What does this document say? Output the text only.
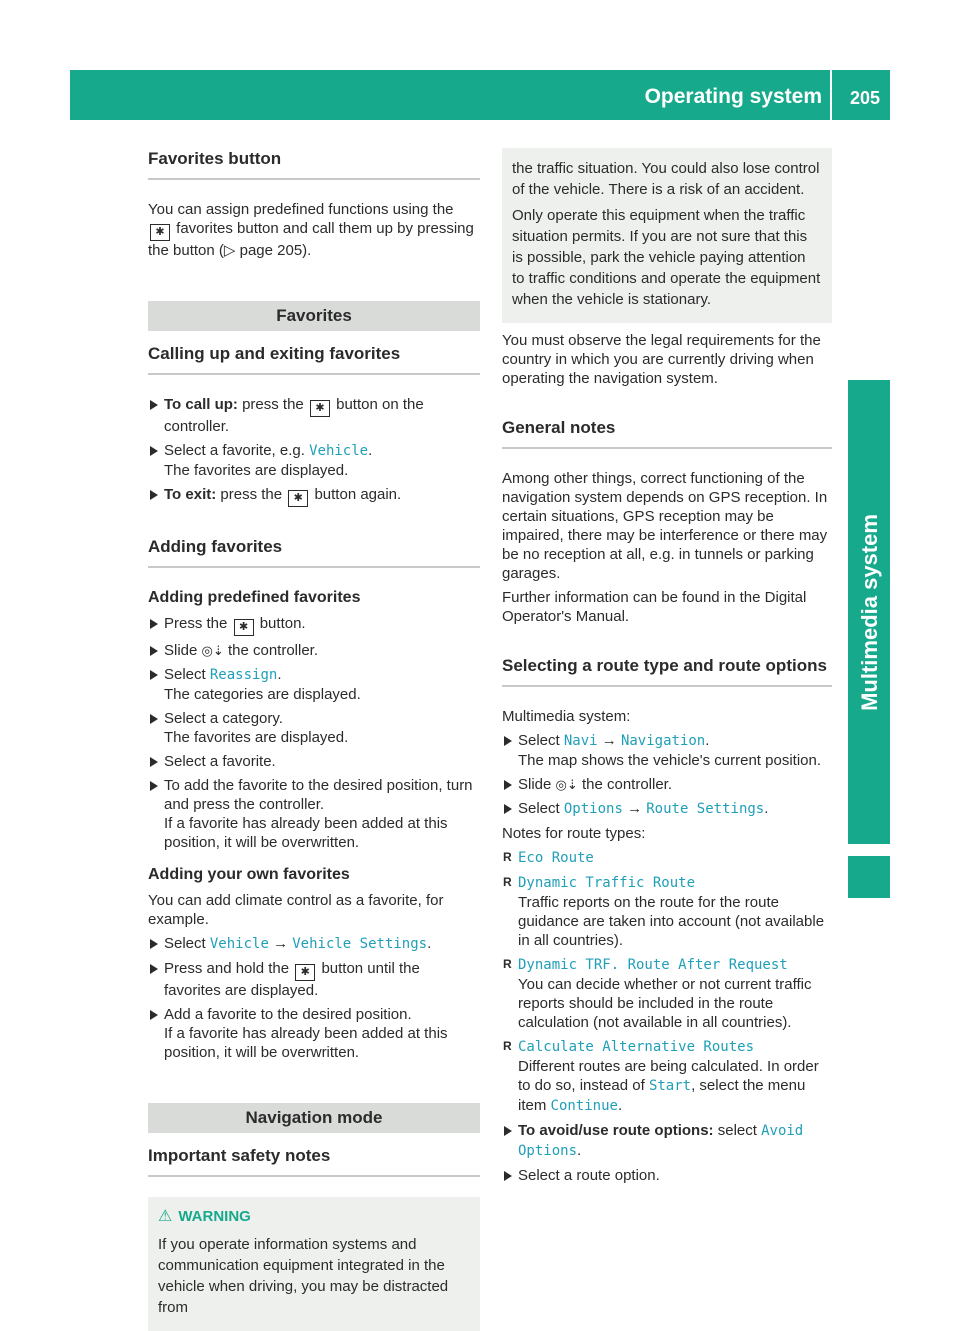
Operating system 205
Multimedia system
Favorites button

You can assign predefined functions using the ✱ favorites button and call them up by pressing the button (▷ page 205).

Favorites
Calling up and exiting favorites
To call up: press the ✱ button on the controller.
Select a favorite, e.g. Vehicle.
The favorites are displayed.
To exit: press the ✱ button again.
Adding favorites
Adding predefined favorites
Press the ✱ button.
Slide ◎⇣ the controller.
Select Reassign.
The categories are displayed.
Select a category.
The favorites are displayed.
Select a favorite.
To add the favorite to the desired position, turn and press the controller.
If a favorite has already been added at this position, it will be overwritten.
Adding your own favorites

You can add climate control as a favorite, for example.

Select Vehicle → Vehicle Settings.
Press and hold the ✱ button until the favorites are displayed.
Add a favorite to the desired position.
If a favorite has already been added at this position, it will be overwritten.
Navigation mode
Important safety notes
⚠ WARNING

If you operate information systems and communication equipment integrated in the vehicle when driving, you may be distracted from

the traffic situation. You could also lose control of the vehicle. There is a risk of an accident.

Only operate this equipment when the traffic situation permits. If you are not sure that this is possible, park the vehicle paying attention to traffic conditions and operate the equipment when the vehicle is stationary.

You must observe the legal requirements for the country in which you are currently driving when operating the navigation system.

General notes

Among other things, correct functioning of the navigation system depends on GPS reception. In certain situations, GPS reception may be impaired, there may be interference or there may be no reception at all, e.g. in tunnels or parking garages.

Further information can be found in the Digital Operator's Manual.

Selecting a route type and route options

Multimedia system:

Select Navi → Navigation.
The map shows the vehicle's current position.
Slide ◎⇣ the controller.
Select Options → Route Settings.

Notes for route types:

R Eco Route
R Dynamic Traffic Route
Traffic reports on the route for the route guidance are taken into account (not available in all countries).
R Dynamic TRF. Route After Request
You can decide whether or not current traffic reports should be included in the route calculation (not available in all countries).
R Calculate Alternative Routes
Different routes are being calculated. In order to do so, instead of Start, select the menu item Continue.
To avoid/use route options: select Avoid Options.
Select a route option.
